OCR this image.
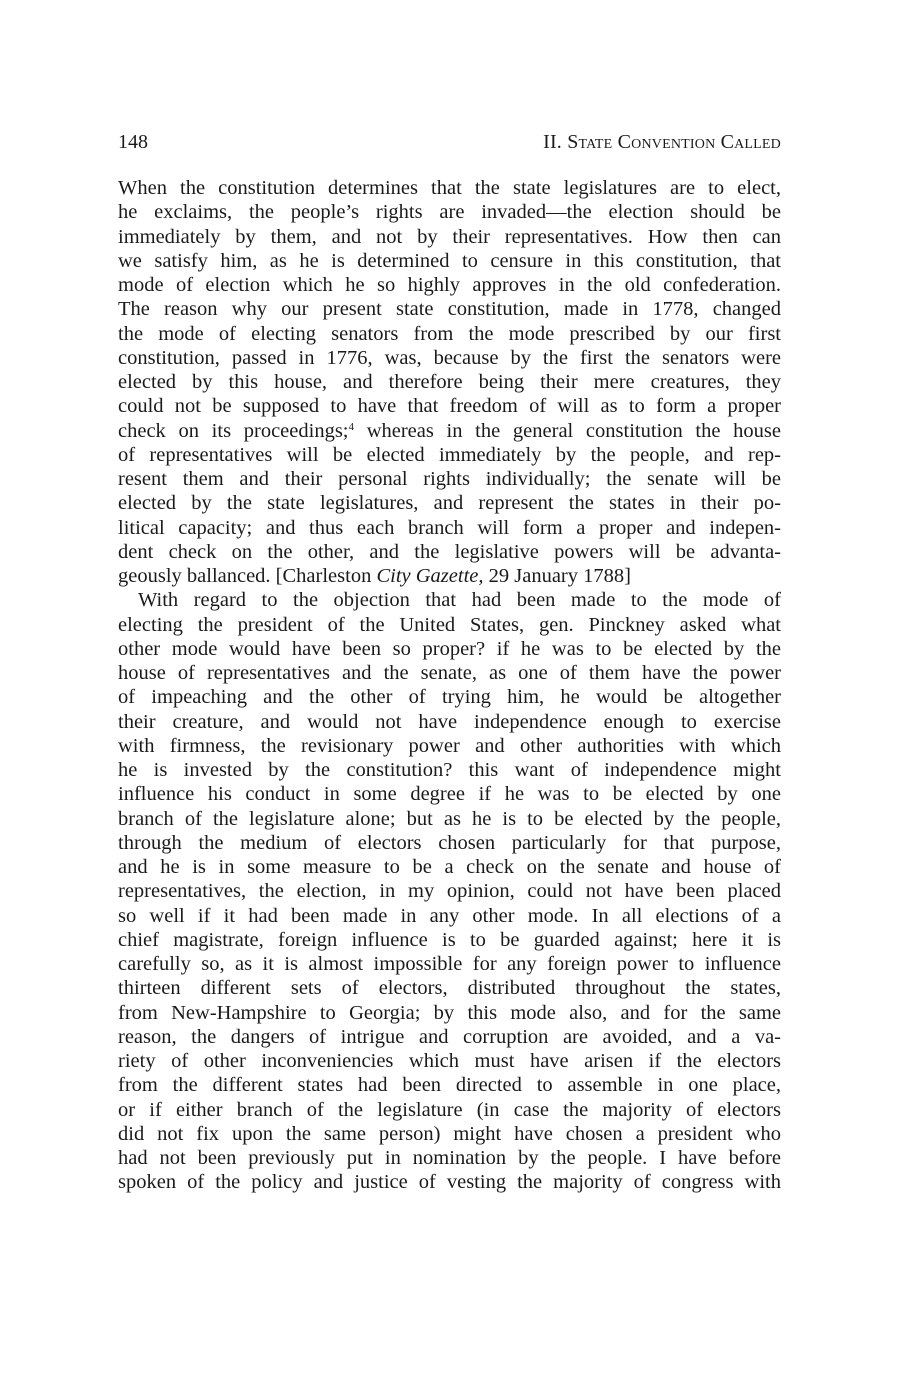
148	II. State Convention Called
When the constitution determines that the state legislatures are to elect,
he exclaims, the people’s rights are invaded—the election should be
immediately by them, and not by their representatives. How then can
we satisfy him, as he is determined to censure in this constitution, that
mode of election which he so highly approves in the old confederation.
The reason why our present state constitution, made in 1778, changed
the mode of electing senators from the mode prescribed by our first
constitution, passed in 1776, was, because by the first the senators were
elected by this house, and therefore being their mere creatures, they
could not be supposed to have that freedom of will as to form a proper
check on its proceedings;$^4$ whereas in the general constitution the house
of representatives will be elected immediately by the people, and rep-
resent them and their personal rights individually; the senate will be
elected by the state legislatures, and represent the states in their po-
litical capacity; and thus each branch will form a proper and indepen-
dent check on the other, and the legislative powers will be advanta-
geously ballanced. [Charleston City Gazette, 29 January 1788]
With regard to the objection that had been made to the mode of
electing the president of the United States, gen. Pinckney asked what
other mode would have been so proper? if he was to be elected by the
house of representatives and the senate, as one of them have the power
of impeaching and the other of trying him, he would be altogether
their creature, and would not have independence enough to exercise
with firmness, the revisionary power and other authorities with which
he is invested by the constitution? this want of independence might
influence his conduct in some degree if he was to be elected by one
branch of the legislature alone; but as he is to be elected by the people,
through the medium of electors chosen particularly for that purpose,
and he is in some measure to be a check on the senate and house of
representatives, the election, in my opinion, could not have been placed
so well if it had been made in any other mode. In all elections of a
chief magistrate, foreign influence is to be guarded against; here it is
carefully so, as it is almost impossible for any foreign power to influence
thirteen different sets of electors, distributed throughout the states,
from New-Hampshire to Georgia; by this mode also, and for the same
reason, the dangers of intrigue and corruption are avoided, and a va-
riety of other inconveniencies which must have arisen if the electors
from the different states had been directed to assemble in one place,
or if either branch of the legislature (in case the majority of electors
did not fix upon the same person) might have chosen a president who
had not been previously put in nomination by the people. I have before
spoken of the policy and justice of vesting the majority of congress with
